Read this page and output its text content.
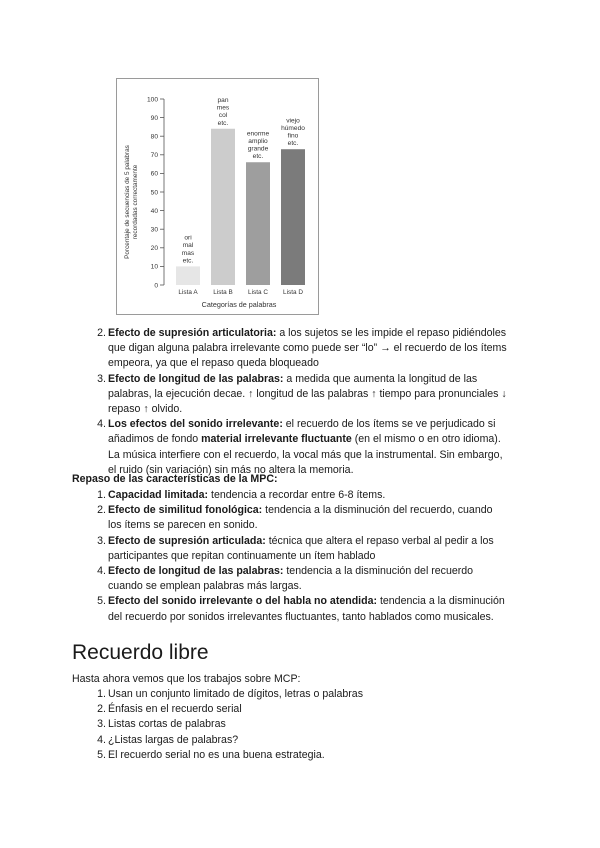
0
10
20
30
40
50
60
70
80
90
100
ori
mal
mas
etc.
pan
mes
col
etc.
enorme
amplio
grande
etc.
viejo
húmedo
fino
etc.
Lista A Lista B Lista C Lista D
Categorías de palabras
Porcentaje de secuencias de 5 palabras recordadas correctamente
2. Efecto de supresión articulatoria: a los sujetos se les impide el repaso pidiéndoles
que digan alguna palabra irrelevante como puede ser “lo” → el recuerdo de los ítems
empeora, ya que el repaso queda bloqueado
3. Efecto de longitud de las palabras: a medida que aumenta la longitud de las
palabras, la ejecución decae. ↑ longitud de las palabras ↑ tiempo para pronunciales ↓
repaso ↑ olvido.
4. Los efectos del sonido irrelevante: el recuerdo de los ítems se ve perjudicado si
añadimos de fondo material irrelevante fluctuante (en el mismo o en otro idioma).
La música interfiere con el recuerdo, la vocal más que la instrumental. Sin embargo,
el ruido (sin variación) sin más no altera la memoria.
Repaso de las características de la MPC:
1. Capacidad limitada: tendencia a recordar entre 6-8 ítems.
2. Efecto de similitud fonológica: tendencia a la disminución del recuerdo, cuando
los ítems se parecen en sonido.
3. Efecto de supresión articulada: técnica que altera el repaso verbal al pedir a los
participantes que repitan continuamente un ítem hablado
4. Efecto de longitud de las palabras: tendencia a la disminución del recuerdo
cuando se emplean palabras más largas.
5. Efecto del sonido irrelevante o del habla no atendida: tendencia a la disminución
del recuerdo por sonidos irrelevantes fluctuantes, tanto hablados como musicales.
Recuerdo libre
Hasta ahora vemos que los trabajos sobre MCP:
1. Usan un conjunto limitado de dígitos, letras o palabras
2. Énfasis en el recuerdo serial
3. Listas cortas de palabras
4. ¿Listas largas de palabras?
5. El recuerdo serial no es una buena estrategia.
